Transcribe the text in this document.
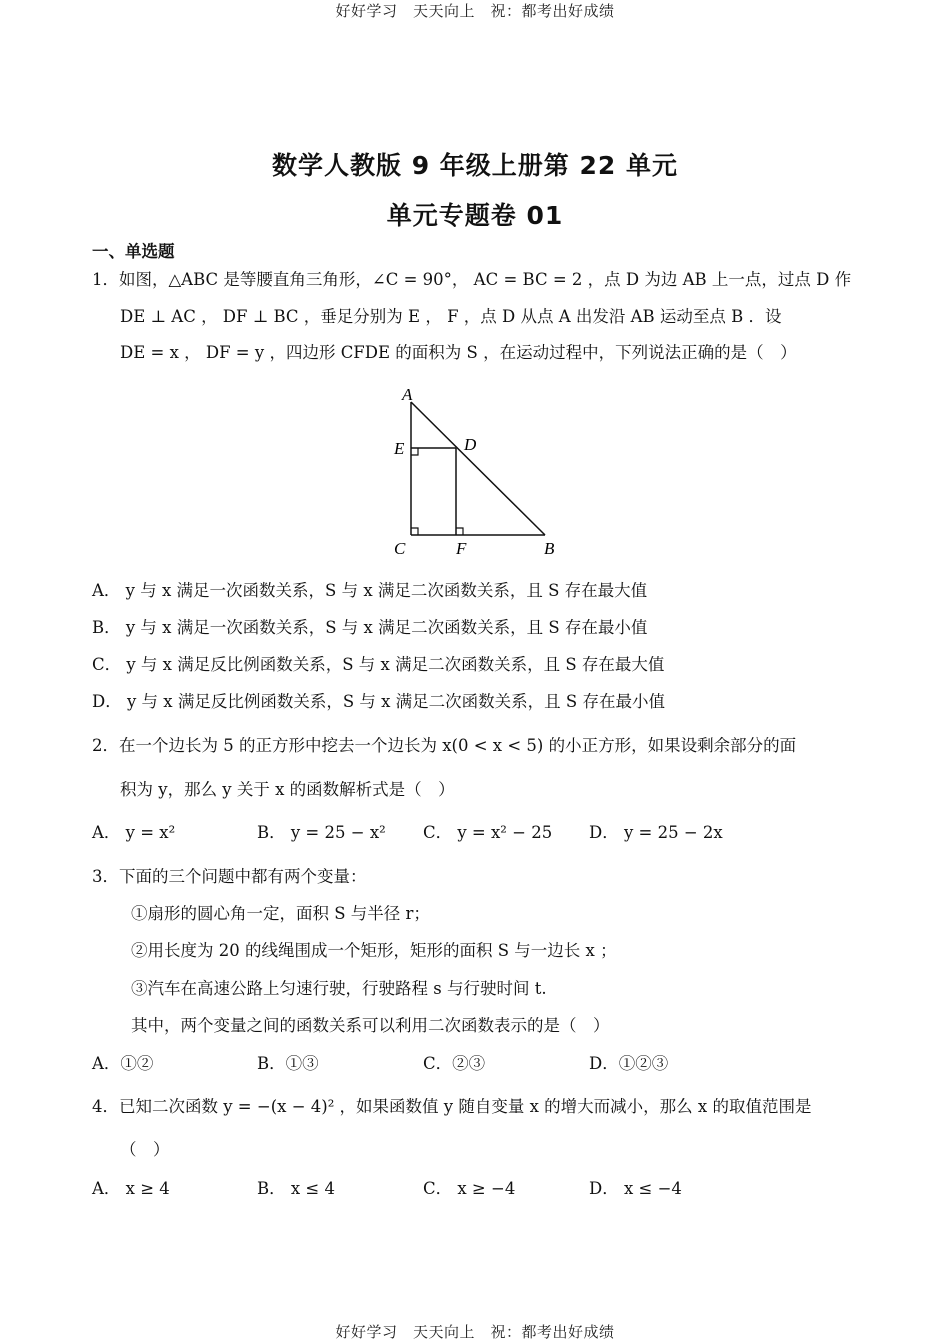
好好学习　天天向上　祝：都考出好成绩
数学人教版 9 年级上册第 22 单元
单元专题卷 01
一、单选题
1．如图，△ABC 是等腰直角三角形，∠C = 90°， AC = BC = 2 ，点 D 为边 AB 上一点，过点 D 作
DE ⊥ AC ， DF ⊥ BC ，垂足分别为 E ， F ，点 D 从点 A 出发沿 AB 运动至点 B ．设
DE = x ， DF = y ，四边形 CFDE 的面积为 S ，在运动过程中，下列说法正确的是（　）
A
E	D
C	F	B
A． y 与 x 满足一次函数关系，S 与 x 满足二次函数关系，且 S 存在最大值
B． y 与 x 满足一次函数关系，S 与 x 满足二次函数关系，且 S 存在最小值
C． y 与 x 满足反比例函数关系，S 与 x 满足二次函数关系，且 S 存在最大值
D． y 与 x 满足反比例函数关系，S 与 x 满足二次函数关系，且 S 存在最小值
2．在一个边长为 5 的正方形中挖去一个边长为 x(0 < x < 5) 的小正方形，如果设剩余部分的面
积为 y，那么 y 关于 x 的函数解析式是（　）
A． y = x²	B． y = 25 − x² C． y = x² − 25 D． y = 25 − 2x
3．下面的三个问题中都有两个变量：
①扇形的圆心角一定，面积 S 与半径 r；
②用长度为 20 的线绳围成一个矩形，矩形的面积 S 与一边长 x ；
③汽车在高速公路上匀速行驶，行驶路程 s 与行驶时间 t.
其中，两个变量之间的函数关系可以利用二次函数表示的是（　）
A．①②	B．①③	C．②③	D．①②③
4．已知二次函数 y = −(x − 4)² ，如果函数值 y 随自变量 x 的增大而减小，那么 x 的取值范围是
（　）
A． x ≥ 4	B． x ≤ 4	C． x ≥ −4	D． x ≤ −4
好好学习　天天向上　祝：都考出好成绩
